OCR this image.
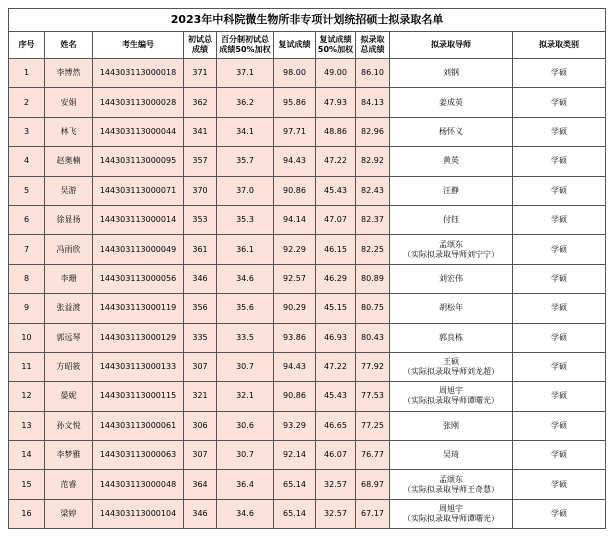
2023年中科院微生物所非专项计划统招硕士拟录取名单									
序号	姓名	考生编号	初试总成绩	百分制初试总成绩50%加权	复试成绩	复试成绩50%加权	拟录取总成绩	拟录取导师	拟录取类别
1	李博然	144303113000018	371	37.1	98.00	49.00	86.10	刘钢	学硕
2	安娟	144303113000028	362	36.2	95.86	47.93	84.13	姜成英	学硕
3	林飞	144303113000044	341	34.1	97.71	48.86	82.96	杨怀义	学硕
4	赵奥楠	144303113000095	357	35.7	94.43	47.22	82.92	黄英	学硕
5	吴游	144303113000071	370	37.0	90.86	45.43	82.43	汪静	学硕
6	徐显扬	144303113000014	353	35.3	94.14	47.07	82.37	付钰	学硕
7	冯雨欣	144303113000049	361	36.1	92.29	46.15	82.25	孟颂东
（实际拟录取导师刘宁宁）	学硕
8	李珊	144303113000056	346	34.6	92.57	46.29	80.89	刘宏伟	学硕
9	张益渡	144303113000119	356	35.6	90.29	45.15	80.75	胡松年	学硕
10	郭远琴	144303113000129	335	33.5	93.86	46.93	80.43	郭良栋	学硕
11	方昭筱	144303113000133	307	30.7	94.43	47.22	77.92	王硕
（实际拟录取导师刘龙超）	学硕
12	晏妮	144303113000115	321	32.1	90.86	45.43	77.53	周旭宇
（实际拟录取导师谭曙光）	学硕
13	孙文悦	144303113000061	306	30.6	93.29	46.65	77.25	张刚	学硕
14	李梦雅	144303113000063	307	30.7	92.14	46.07	76.77	吴琦	学硕
15	范睿	144303113000048	364	36.4	65.14	32.57	68.97	孟颂东
（实际拟录取导师王奇慧）	学硕
16	梁婷	144303113000104	346	34.6	65.14	32.57	67.17	周旭宇
（实际拟录取导师谭曙光）	学硕
